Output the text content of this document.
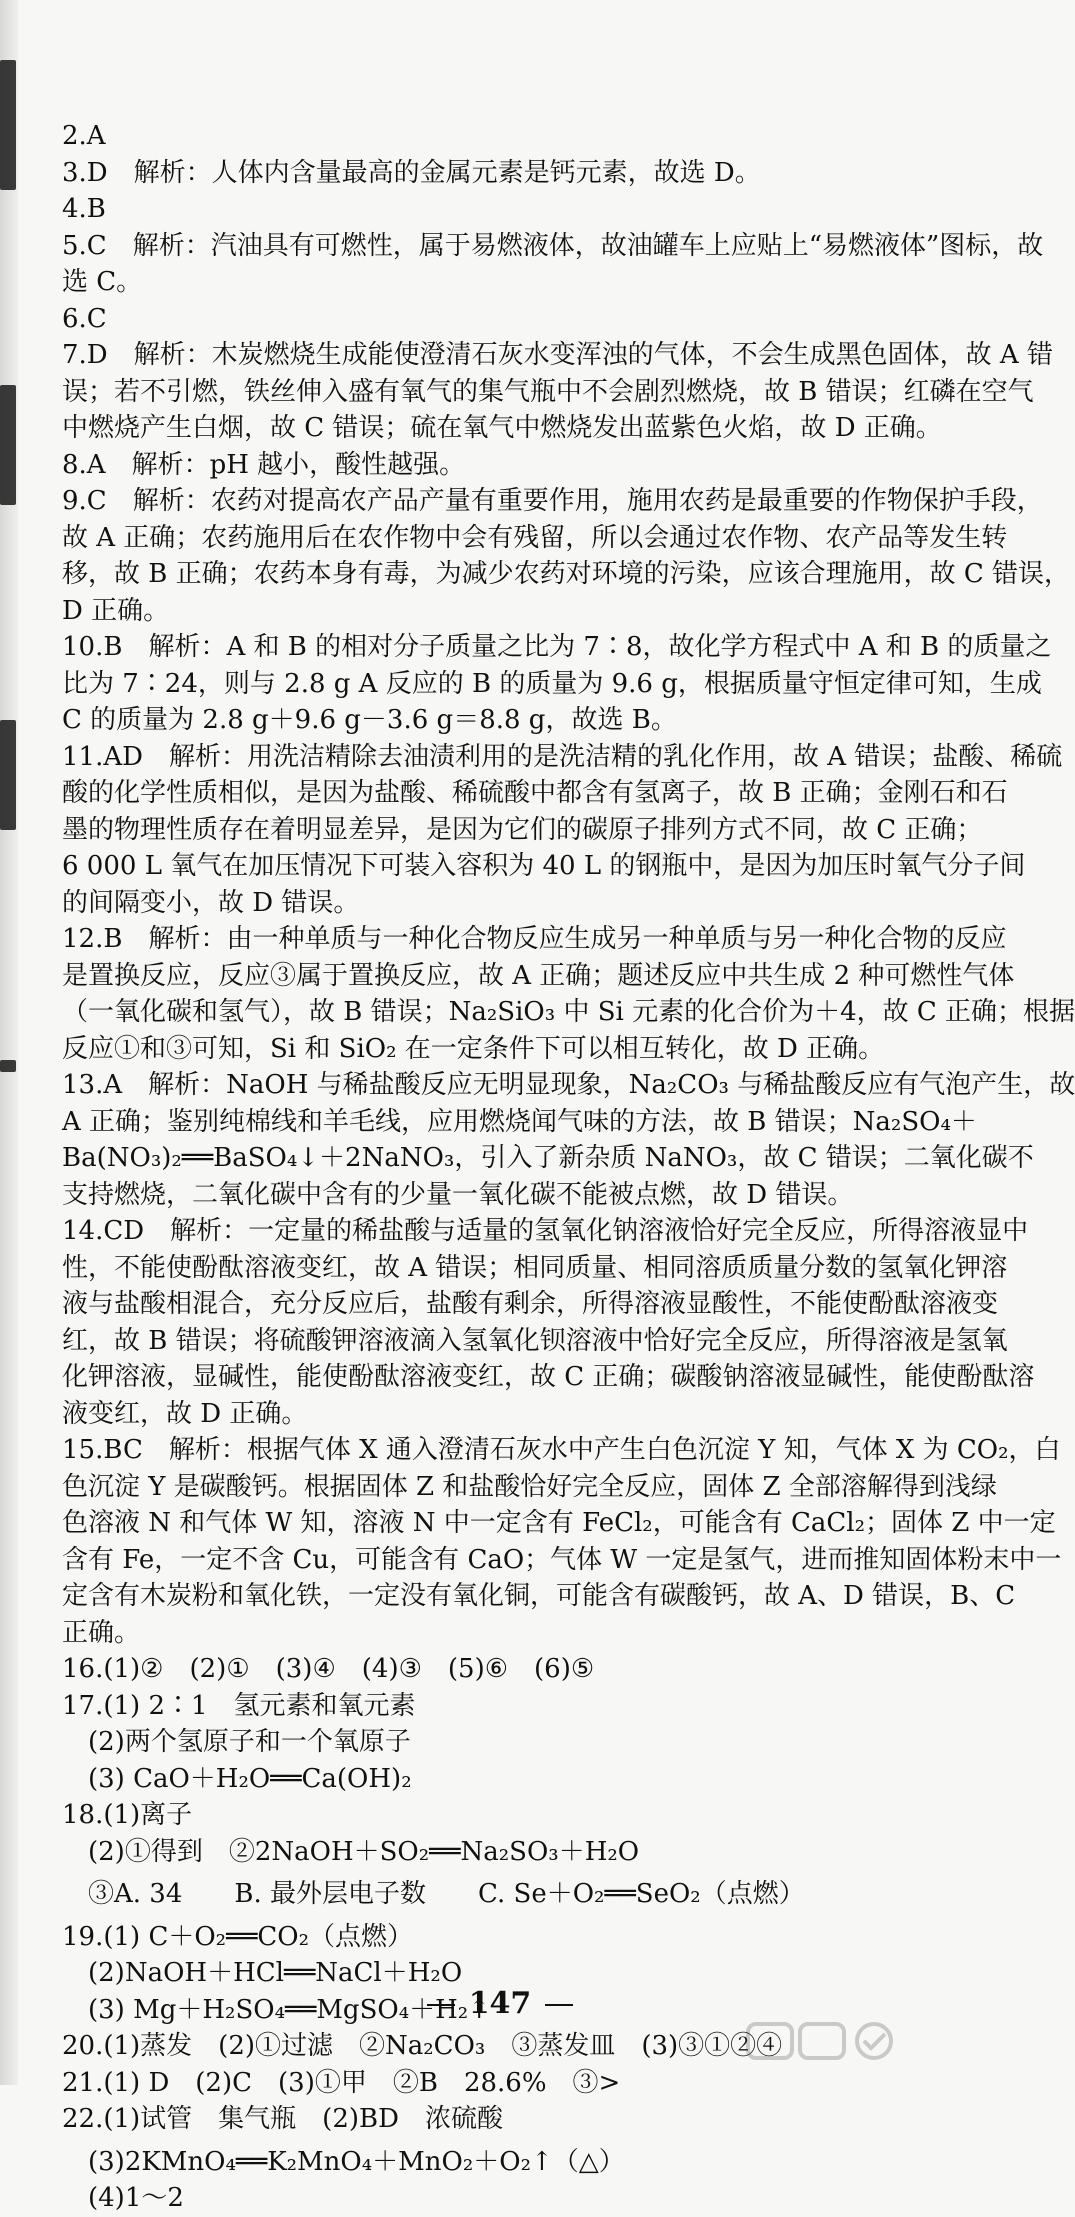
2.A
3.D　解析：人体内含量最高的金属元素是钙元素，故选 D。
4.B
5.C　解析：汽油具有可燃性，属于易燃液体，故油罐车上应贴上“易燃液体”图标，故
选 C。
6.C
7.D　解析：木炭燃烧生成能使澄清石灰水变浑浊的气体，不会生成黑色固体，故 A 错
误；若不引燃，铁丝伸入盛有氧气的集气瓶中不会剧烈燃烧，故 B 错误；红磷在空气
中燃烧产生白烟，故 C 错误；硫在氧气中燃烧发出蓝紫色火焰，故 D 正确。
8.A　解析：pH 越小，酸性越强。
9.C　解析：农药对提高农产品产量有重要作用，施用农药是最重要的作物保护手段，
故 A 正确；农药施用后在农作物中会有残留，所以会通过农作物、农产品等发生转
移，故 B 正确；农药本身有毒，为减少农药对环境的污染，应该合理施用，故 C 错误，
D 正确。
10.B　解析：A 和 B 的相对分子质量之比为 7∶8，故化学方程式中 A 和 B 的质量之
比为 7∶24，则与 2.8 g A 反应的 B 的质量为 9.6 g，根据质量守恒定律可知，生成
C 的质量为 2.8 g＋9.6 g－3.6 g＝8.8 g，故选 B。
11.AD　解析：用洗洁精除去油渍利用的是洗洁精的乳化作用，故 A 错误；盐酸、稀硫
酸的化学性质相似，是因为盐酸、稀硫酸中都含有氢离子，故 B 正确；金刚石和石
墨的物理性质存在着明显差异，是因为它们的碳原子排列方式不同，故 C 正确；
6 000 L 氧气在加压情况下可装入容积为 40 L 的钢瓶中，是因为加压时氧气分子间
的间隔变小，故 D 错误。
12.B　解析：由一种单质与一种化合物反应生成另一种单质与另一种化合物的反应
是置换反应，反应③属于置换反应，故 A 正确；题述反应中共生成 2 种可燃性气体
（一氧化碳和氢气），故 B 错误；Na₂SiO₃ 中 Si 元素的化合价为＋4，故 C 正确；根据
反应①和③可知，Si 和 SiO₂ 在一定条件下可以相互转化，故 D 正确。
13.A　解析：NaOH 与稀盐酸反应无明显现象，Na₂CO₃ 与稀盐酸反应有气泡产生，故
A 正确；鉴别纯棉线和羊毛线，应用燃烧闻气味的方法，故 B 错误；Na₂SO₄＋
Ba(NO₃)₂══BaSO₄↓＋2NaNO₃，引入了新杂质 NaNO₃，故 C 错误；二氧化碳不
支持燃烧，二氧化碳中含有的少量一氧化碳不能被点燃，故 D 错误。
14.CD　解析：一定量的稀盐酸与适量的氢氧化钠溶液恰好完全反应，所得溶液显中
性，不能使酚酞溶液变红，故 A 错误；相同质量、相同溶质质量分数的氢氧化钾溶
液与盐酸相混合，充分反应后，盐酸有剩余，所得溶液显酸性，不能使酚酞溶液变
红，故 B 错误；将硫酸钾溶液滴入氢氧化钡溶液中恰好完全反应，所得溶液是氢氧
化钾溶液，显碱性，能使酚酞溶液变红，故 C 正确；碳酸钠溶液显碱性，能使酚酞溶
液变红，故 D 正确。
15.BC　解析：根据气体 X 通入澄清石灰水中产生白色沉淀 Y 知，气体 X 为 CO₂，白
色沉淀 Y 是碳酸钙。根据固体 Z 和盐酸恰好完全反应，固体 Z 全部溶解得到浅绿
色溶液 N 和气体 W 知，溶液 N 中一定含有 FeCl₂，可能含有 CaCl₂；固体 Z 中一定
含有 Fe，一定不含 Cu，可能含有 CaO；气体 W 一定是氢气，进而推知固体粉末中一
定含有木炭粉和氧化铁，一定没有氧化铜，可能含有碳酸钙，故 A、D 错误，B、C
正确。
16.(1)②　(2)①　(3)④　(4)③　(5)⑥　(6)⑤
17.(1) 2∶1　氢元素和氧元素
　(2)两个氢原子和一个氧原子
　(3) CaO＋H₂O══Ca(OH)₂
18.(1)离子
　(2)①得到　②2NaOH＋SO₂══Na₂SO₃＋H₂O
　③A. 34　　B. 最外层电子数　　C. Se＋O₂══SeO₂（点燃）
19.(1) C＋O₂══CO₂（点燃）
　(2)NaOH＋HCl══NaCl＋H₂O
　(3) Mg＋H₂SO₄══MgSO₄＋H₂↑
20.(1)蒸发　(2)①过滤　②Na₂CO₃　③蒸发皿　(3)③①②④
21.(1) D　(2)C　(3)①甲　②B　28.6%　③>
22.(1)试管　集气瓶　(2)BD　浓硫酸
　(3)2KMnO₄══K₂MnO₄＋MnO₂＋O₂↑（△）
　(4)1～2
147
